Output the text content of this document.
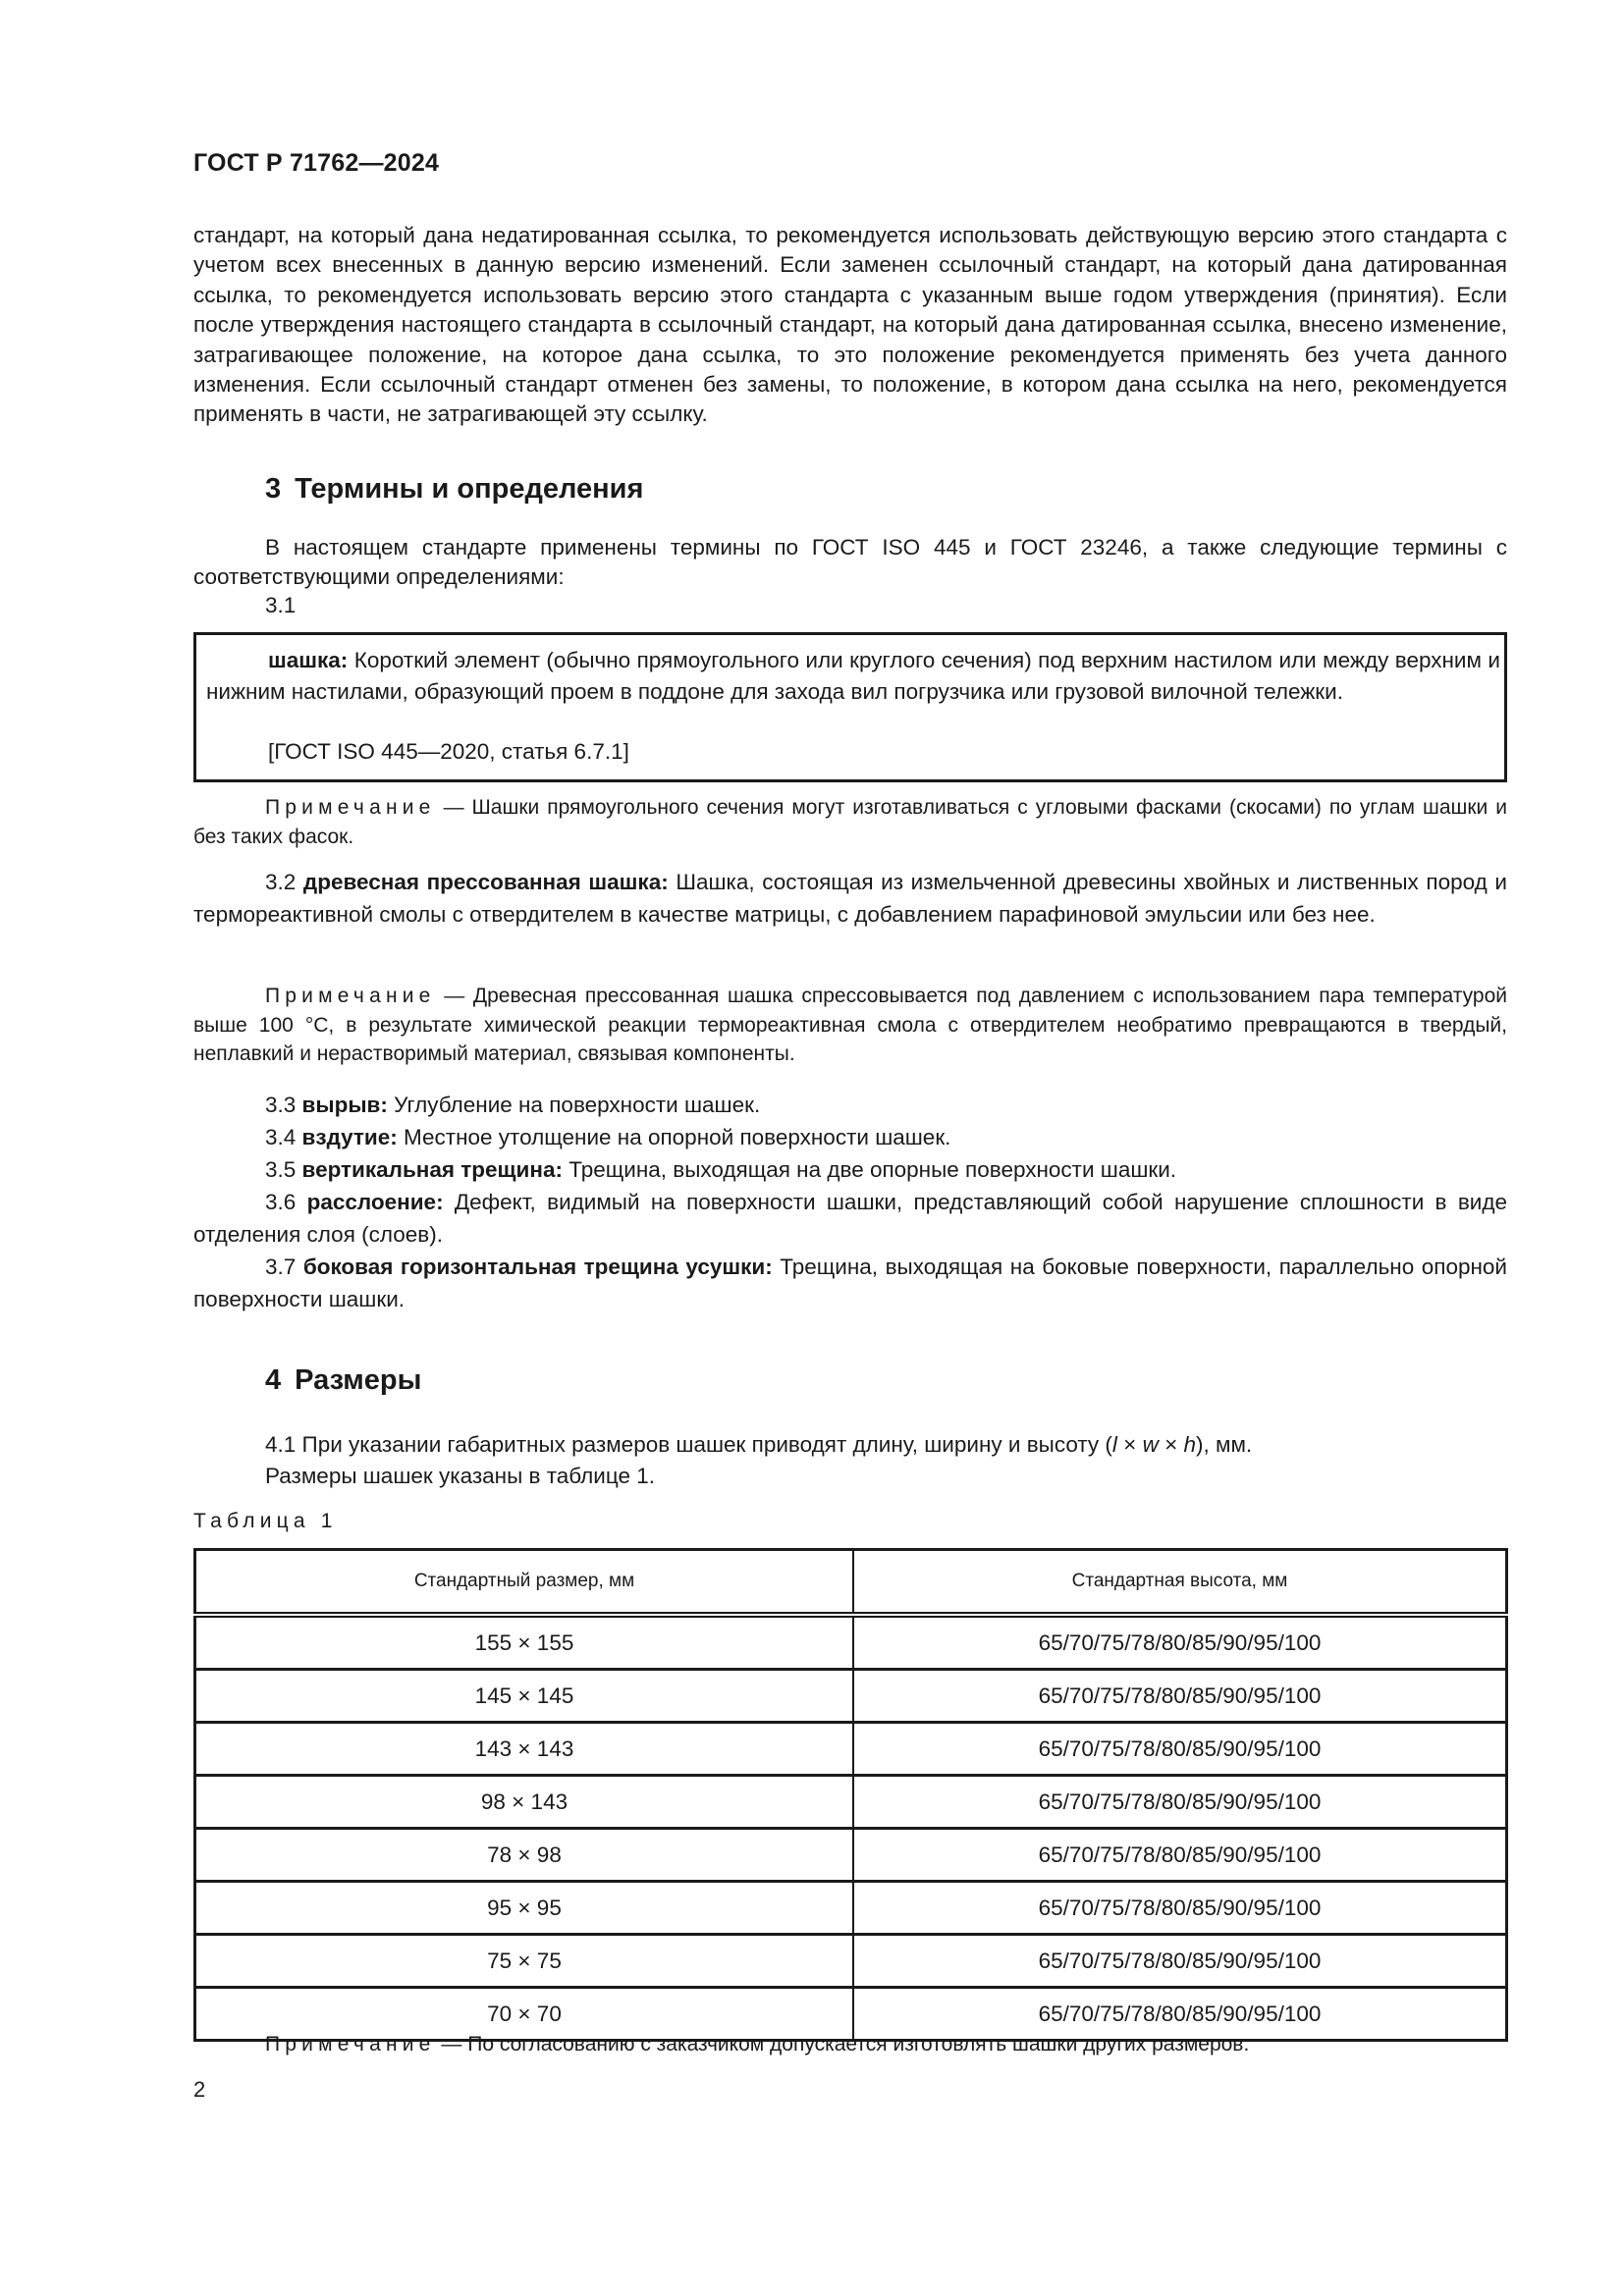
ГОСТ Р 71762—2024
стандарт, на который дана недатированная ссылка, то рекомендуется использовать действующую версию этого стандарта с учетом всех внесенных в данную версию изменений. Если заменен ссылочный стандарт, на который дана датированная ссылка, то рекомендуется использовать версию этого стандарта с указанным выше годом утверждения (принятия). Если после утверждения настоящего стандарта в ссылочный стандарт, на который дана датированная ссылка, внесено изменение, затрагивающее положение, на которое дана ссылка, то это положение рекомендуется применять без учета данного изменения. Если ссылочный стандарт отменен без замены, то положение, в котором дана ссылка на него, рекомендуется применять в части, не затрагивающей эту ссылку.
3 Термины и определения
В настоящем стандарте применены термины по ГОСТ ISO 445 и ГОСТ 23246, а также следующие термины с соответствующими определениями:
3.1
шашка: Короткий элемент (обычно прямоугольного или круглого сечения) под верхним настилом или между верхним и нижним настилами, образующий проем в поддоне для захода вил погрузчика или грузовой вилочной тележки.
[ГОСТ ISO 445—2020, статья 6.7.1]
Примечание — Шашки прямоугольного сечения могут изготавливаться с угловыми фасками (скосами) по углам шашки и без таких фасок.
3.2 древесная прессованная шашка: Шашка, состоящая из измельченной древесины хвойных и лиственных пород и термореактивной смолы с отвердителем в качестве матрицы, с добавлением парафиновой эмульсии или без нее.
Примечание — Древесная прессованная шашка спрессовывается под давлением с использованием пара температурой выше 100 °С, в результате химической реакции термореактивная смола с отвердителем необратимо превращаются в твердый, неплавкий и нерастворимый материал, связывая компоненты.
3.3 вырыв: Углубление на поверхности шашек.
3.4 вздутие: Местное утолщение на опорной поверхности шашек.
3.5 вертикальная трещина: Трещина, выходящая на две опорные поверхности шашки.
3.6 расслоение: Дефект, видимый на поверхности шашки, представляющий собой нарушение сплошности в виде отделения слоя (слоев).
3.7 боковая горизонтальная трещина усушки: Трещина, выходящая на боковые поверхности, параллельно опорной поверхности шашки.
4 Размеры
4.1 При указании габаритных размеров шашек приводят длину, ширину и высоту (l × w × h), мм.
Размеры шашек указаны в таблице 1.
Таблица 1
Стандартный размер, мм	Стандартная высота, мм
155 × 155	65/70/75/78/80/85/90/95/100
145 × 145	65/70/75/78/80/85/90/95/100
143 × 143	65/70/75/78/80/85/90/95/100
98 × 143	65/70/75/78/80/85/90/95/100
78 × 98	65/70/75/78/80/85/90/95/100
95 × 95	65/70/75/78/80/85/90/95/100
75 × 75	65/70/75/78/80/85/90/95/100
70 × 70	65/70/75/78/80/85/90/95/100
Примечание — По согласованию с заказчиком допускается изготовлять шашки других размеров.
2
